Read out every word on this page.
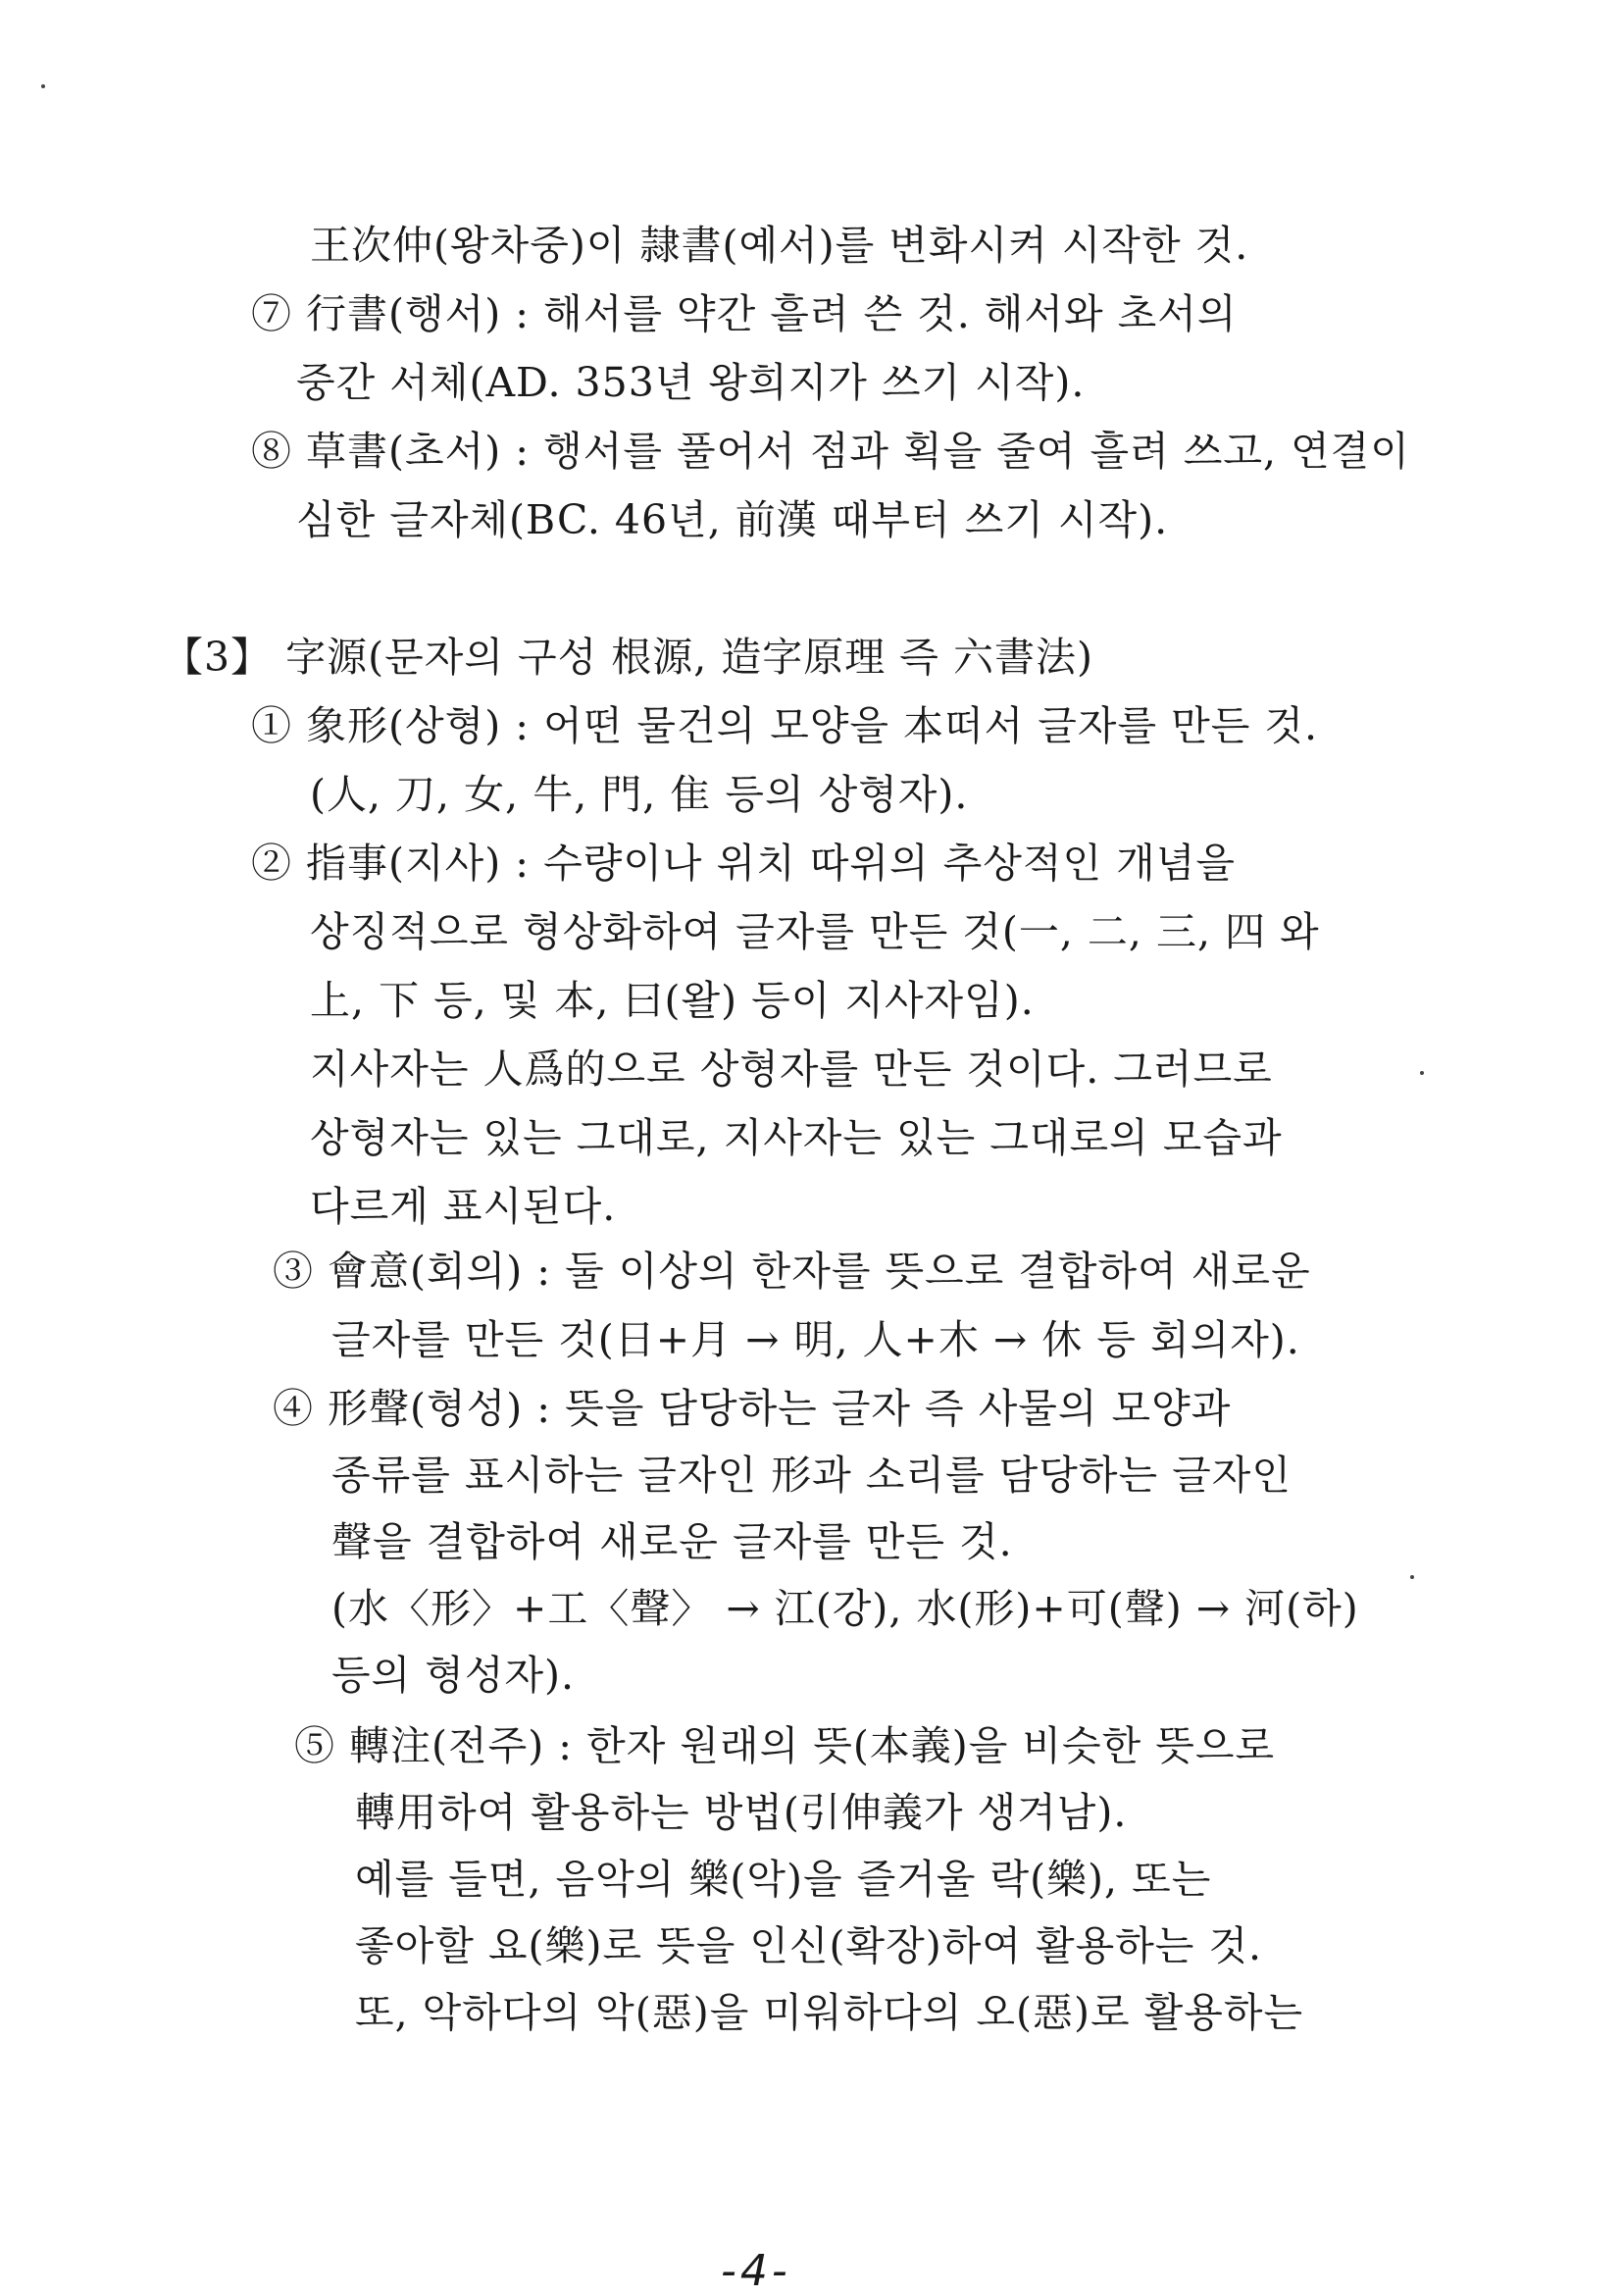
王次仲(왕차중)이 隷書(예서)를 변화시켜 시작한 것.
⑦ 行書(행서) : 해서를 약간 흘려 쓴 것. 해서와 초서의
중간 서체(AD. 353년 왕희지가 쓰기 시작).
⑧ 草書(초서) : 행서를 풀어서 점과 획을 줄여 흘려 쓰고, 연결이
심한 글자체(BC. 46년, 前漢 때부터 쓰기 시작).
【3】 字源(문자의 구성 根源, 造字原理 즉 六書法)
① 象形(상형) : 어떤 물건의 모양을 本떠서 글자를 만든 것.
(人, 刀, 女, 牛, 門, 隹 등의 상형자).
② 指事(지사) : 수량이나 위치 따위의 추상적인 개념을
상징적으로 형상화하여 글자를 만든 것(一, 二, 三, 四 와
上, 下 등, 및 本, 曰(왈) 등이 지사자임).
지사자는 人爲的으로 상형자를 만든 것이다. 그러므로
상형자는 있는 그대로, 지사자는 있는 그대로의 모습과
다르게 표시된다.
③ 會意(회의) : 둘 이상의 한자를 뜻으로 결합하여 새로운
글자를 만든 것(日+月 → 明, 人+木 → 休 등 회의자).
④ 形聲(형성) : 뜻을 담당하는 글자 즉 사물의 모양과
종류를 표시하는 글자인 形과 소리를 담당하는 글자인
聲을 결합하여 새로운 글자를 만든 것.
(水〈形〉+工〈聲〉 → 江(강), 水(形)+可(聲) → 河(하)
등의 형성자).
⑤ 轉注(전주) : 한자 원래의 뜻(本義)을 비슷한 뜻으로
轉用하여 활용하는 방법(引伸義가 생겨남).
예를 들면, 음악의 樂(악)을 즐거울 락(樂), 또는
좋아할 요(樂)로 뜻을 인신(확장)하여 활용하는 것.
또, 악하다의 악(惡)을 미워하다의 오(惡)로 활용하는
-4-
